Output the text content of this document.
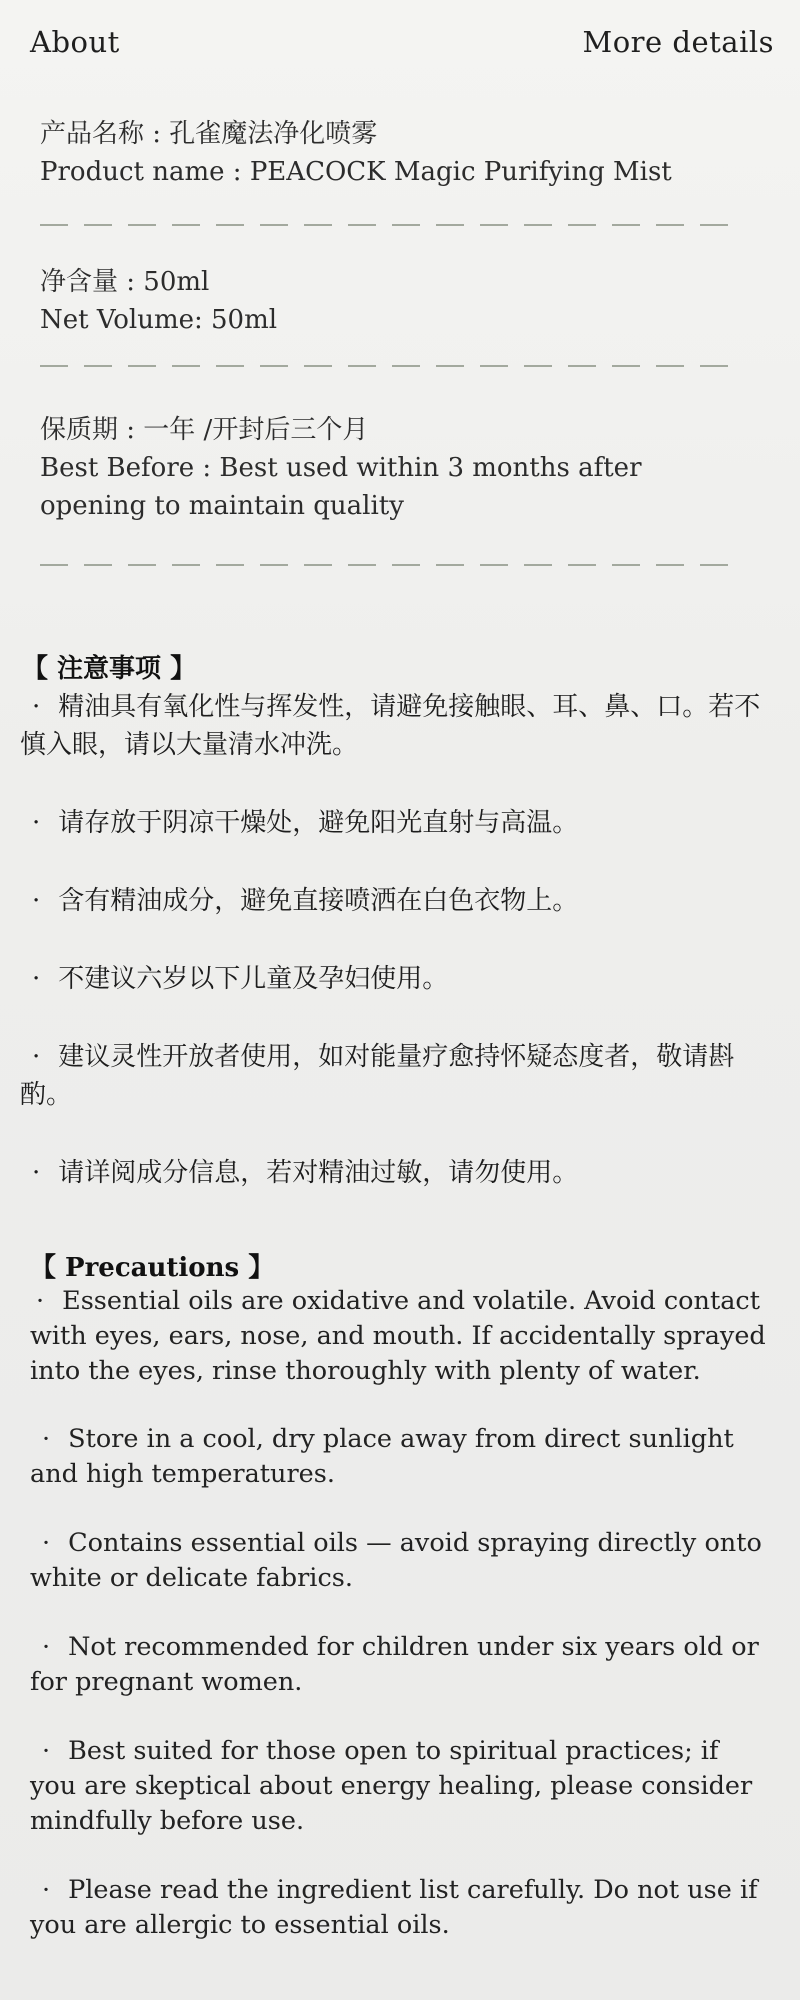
About	More details
产品名称 : 孔雀魔法净化喷雾
Product name : PEACOCK Magic Purifying Mist
净含量 : 50ml
Net Volume: 50ml
保质期 : 一年 /开封后三个月
Best Before : Best used within 3 months after
opening to maintain quality
【 注意事项 】
· 精油具有氧化性与挥发性，请避免接触眼、耳、鼻、口。若不慎入眼，请以大量清水冲洗。
· 请存放于阴凉干燥处，避免阳光直射与高温。
· 含有精油成分，避免直接喷洒在白色衣物上。
· 不建议六岁以下儿童及孕妇使用。
· 建议灵性开放者使用，如对能量疗愈持怀疑态度者，敬请斟酌。
· 请详阅成分信息，若对精油过敏，请勿使用。
【 Precautions 】
· Essential oils are oxidative and volatile. Avoid contact with eyes, ears, nose, and mouth. If accidentally sprayed into the eyes, rinse thoroughly with plenty of water.
· Store in a cool, dry place away from direct sunlight and high temperatures.
· Contains essential oils — avoid spraying directly onto white or delicate fabrics.
· Not recommended for children under six years old or for pregnant women.
· Best suited for those open to spiritual practices; if you are skeptical about energy healing, please consider mindfully before use.
· Please read the ingredient list carefully. Do not use if you are allergic to essential oils.
